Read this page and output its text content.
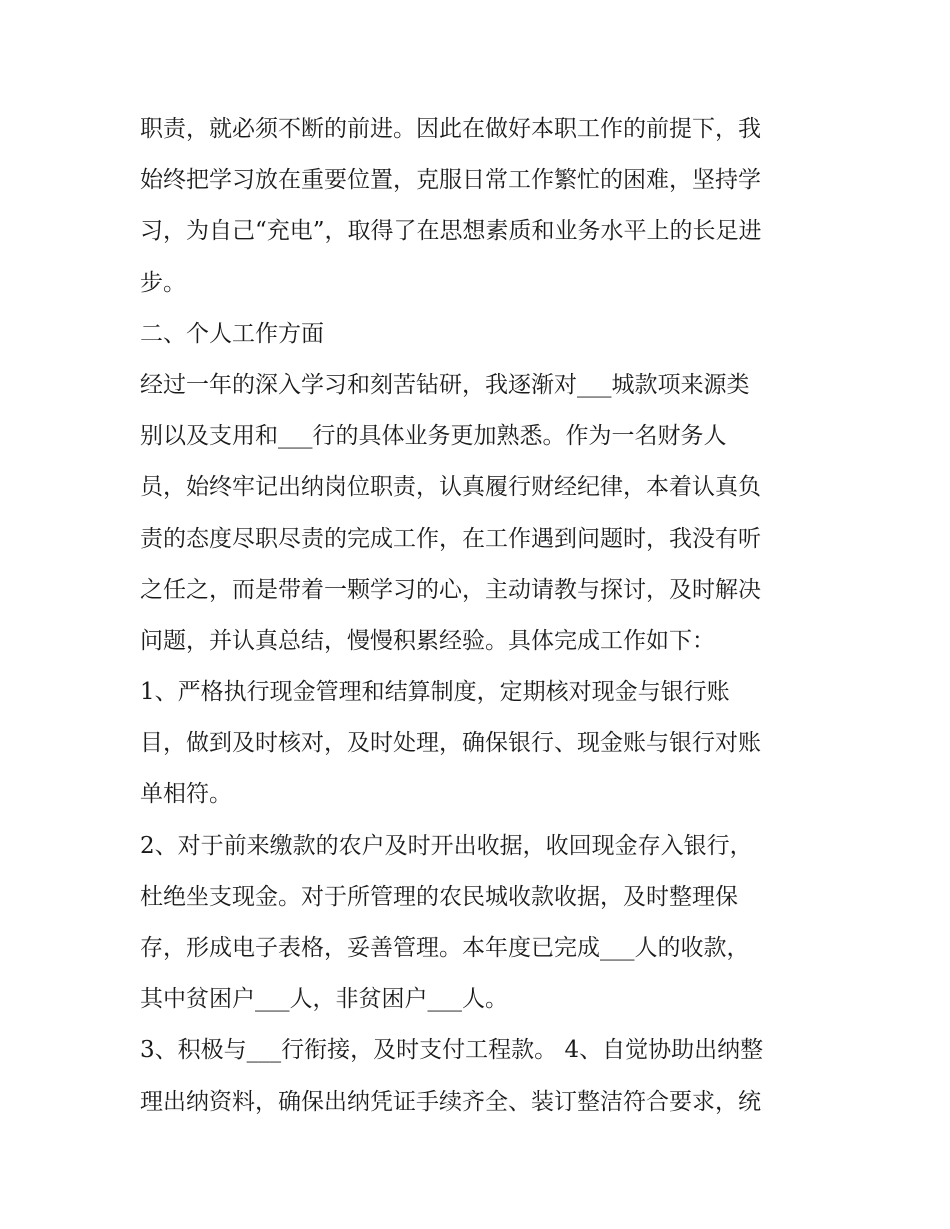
职责，就必须不断的前进。因此在做好本职工作的前提下，我
始终把学习放在重要位置，克服日常工作繁忙的困难，坚持学
习，为自己“充电”，取得了在思想素质和业务水平上的长足进
步。
二、个人工作方面
经过一年的深入学习和刻苦钻研，我逐渐对___城款项来源类
别以及支用和___行的具体业务更加熟悉。作为一名财务人
员，始终牢记出纳岗位职责，认真履行财经纪律，本着认真负
责的态度尽职尽责的完成工作，在工作遇到问题时，我没有听
之任之，而是带着一颗学习的心，主动请教与探讨，及时解决
问题，并认真总结，慢慢积累经验。具体完成工作如下：
1、严格执行现金管理和结算制度，定期核对现金与银行账
目，做到及时核对，及时处理，确保银行、现金账与银行对账
单相符。
2、对于前来缴款的农户及时开出收据，收回现金存入银行，
杜绝坐支现金。对于所管理的农民城收款收据，及时整理保
存，形成电子表格，妥善管理。本年度已完成___人的收款，
其中贫困户___人，非贫困户___人。
3、积极与___行衔接，及时支付工程款。 4、自觉协助出纳整
理出纳资料，确保出纳凭证手续齐全、装订整洁符合要求，统
